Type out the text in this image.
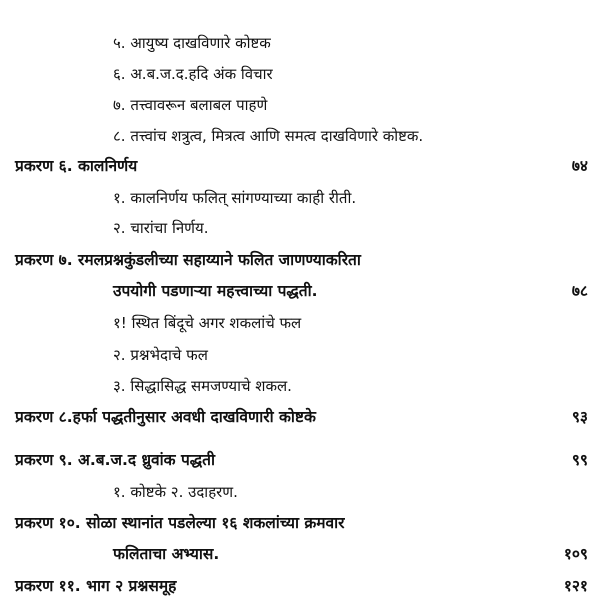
५. आयुष्य दाखविणारे कोष्टक
६. अ.ब.ज.द.हदि अंक विचार
७. तत्त्वावरून बलाबल पाहणे
८. तत्त्वांच शत्रुत्व, मित्रत्व आणि समत्व दाखविणारे कोष्टक.
प्रकरण ६. कालनिर्णय	७४
१. कालनिर्णय फलित् सांगण्याच्या काही रीती.
२. चारांचा निर्णय.
प्रकरण ७. रमलप्रश्नकुंडलीच्या सहाय्याने फलित जाणण्याकरिता
उपयोगी पडणाऱ्या महत्त्वाच्या पद्धती.	७८
१! स्थित बिंदूचे अगर शकलांचे फल
२. प्रश्नभेदाचे फल
३. सिद्धासिद्ध समजण्याचे शकल.
प्रकरण ८.हर्फा पद्धतीनुसार अवधी दाखविणारी कोष्टके	९३
प्रकरण ९. अ.ब.ज.द ध्रुवांक पद्धती	९९
१. कोष्टके २. उदाहरण.
प्रकरण १०. सोळा स्थानांत पडलेल्या १६ शकलांच्या क्रमवार
फलिताचा अभ्यास.	१०९
प्रकरण ११. भाग २ प्रश्नसमूह	१२१
